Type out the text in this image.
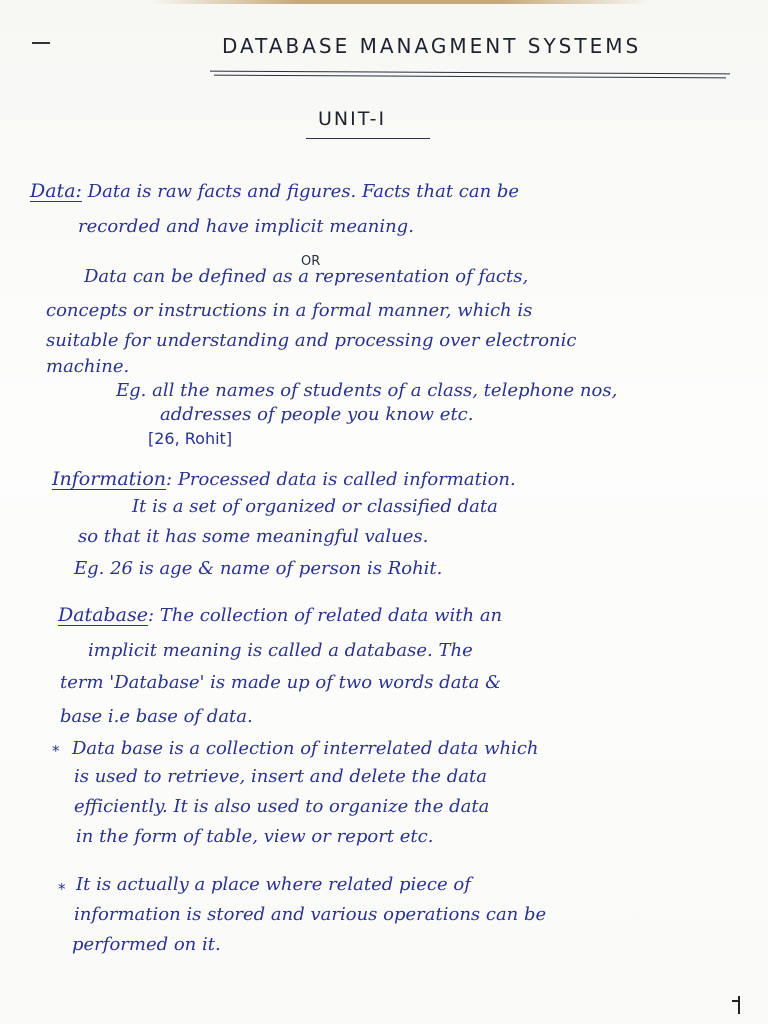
DATABASE MANAGMENT SYSTEMS
UNIT-I
Data: Data is raw facts and figures. Facts that can be
recorded and have implicit meaning.
OR
Data can be defined as a representation of facts,
concepts or instructions in a formal manner, which is
suitable for understanding and processing over electronic
machine.
Eg. all the names of students of a class, telephone nos,
addresses of people you know etc.
[26, Rohit]
Information: Processed data is called information.
It is a set of organized or classified data
so that it has some meaningful values.
Eg. 26 is age & name of person is Rohit.
Database: The collection of related data with an
implicit meaning is called a database. The
term 'Database' is made up of two words data &
base i.e base of data.
* Data base is a collection of interrelated data which
is used to retrieve, insert and delete the data
efficiently. It is also used to organize the data
in the form of table, view or report etc.
* It is actually a place where related piece of
information is stored and various operations can be
performed on it.
